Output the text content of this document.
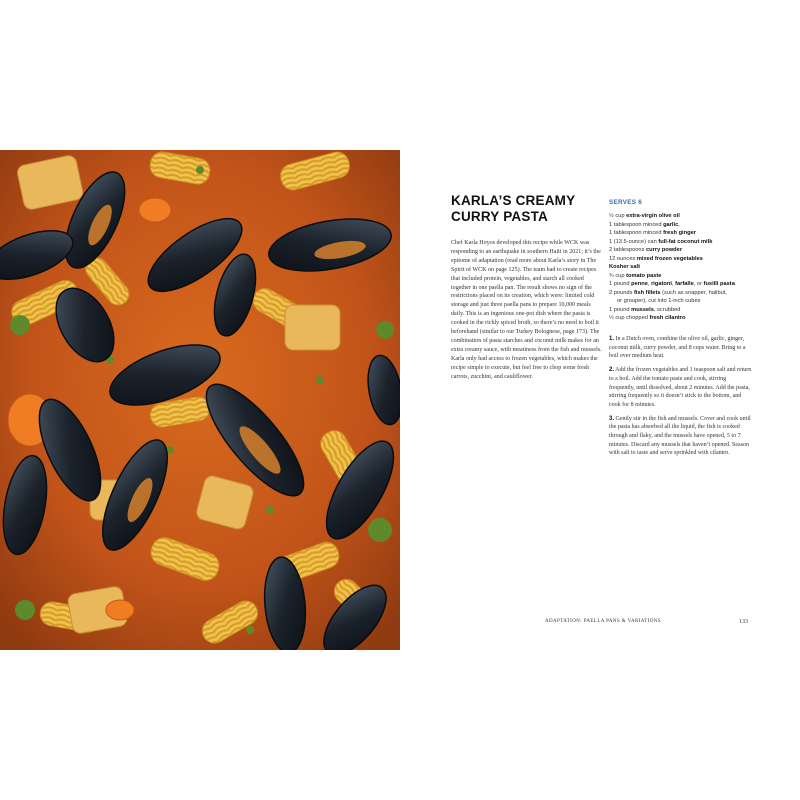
KARLA’S CREAMY CURRY PASTA

Chef Karla Hoyos developed this recipe while WCK was responding to an earthquake in southern Haiti in 2021; it’s the epitome of adaptation (read more about Karla’s story in The Spirit of WCK on page 125). The team had to create recipes that included protein, vegetables, and starch all cooked together in one paella pan. The result shows no sign of the restrictions placed on its creation, which were: limited cold storage and just three paella pans to prepare 10,000 meals daily. This is an ingenious one-pot dish where the pasta is cooked in the richly spiced broth, so there’s no need to boil it beforehand (similar to our Turkey Bolognese, page 173). The combination of pasta starches and coconut milk makes for an extra creamy sauce, with meatiness from the fish and mussels. Karla only had access to frozen vegetables, which makes the recipe simple to execute, but feel free to chop some fresh carrots, zucchini, and cauliflower.

SERVES 6
½ cup extra-virgin olive oil
1 tablespoon minced garlic,
1 tablespoon minced fresh ginger
1 (13.5-ounce) can full-fat coconut milk
2 tablespoons curry powder
12 ounces mixed frozen vegetables
Kosher salt
¾ cup tomato paste
1 pound penne, rigatoni, farfalle, or fusilli pasta
2 pounds fish fillets (such as snapper, halibut,
or grouper), cut into 1-inch cubes
1 pound mussels, scrubbed
½ cup chopped fresh cilantro

1. In a Dutch oven, combine the olive oil, garlic, ginger, coconut milk, curry powder, and 8 cups water. Bring to a boil over medium heat.

2. Add the frozen vegetables and 1 teaspoon salt and return to a boil. Add the tomato paste and cook, stirring frequently, until dissolved, about 2 minutes. Add the pasta, stirring frequently so it doesn’t stick to the bottom, and cook for 8 minutes.

3. Gently stir in the fish and mussels. Cover and cook until the pasta has absorbed all the liquid, the fish is cooked through and flaky, and the mussels have opened, 5 to 7 minutes. Discard any mussels that haven’t opened. Season with salt to taste and serve sprinkled with cilantro.

ADAPTATION: PAELLA PANS & VARIATIONS	133
